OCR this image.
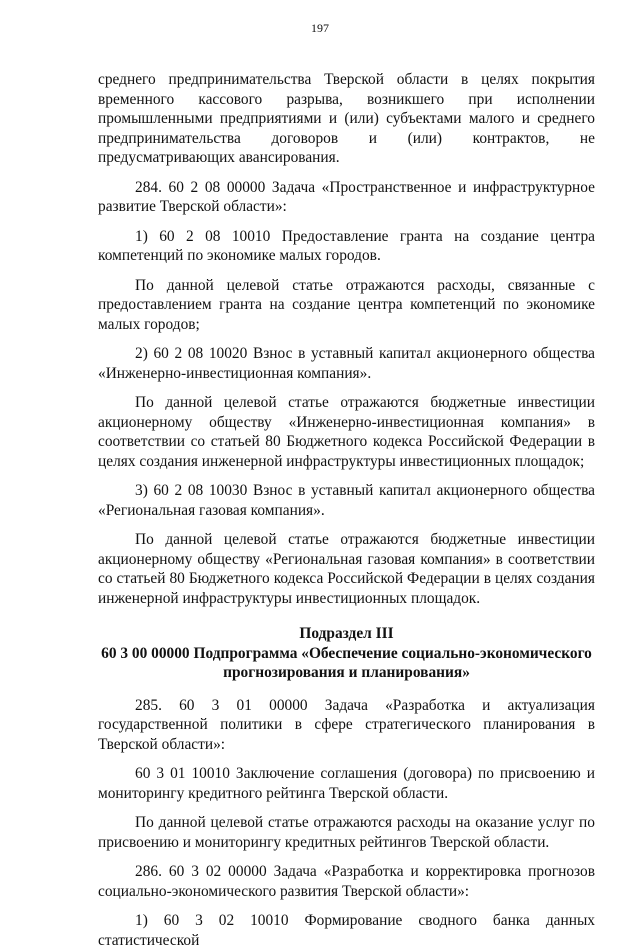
197

среднего предпринимательства Тверской области в целях покрытия временного кассового разрыва, возникшего при исполнении промышленными предприятиями и (или) субъектами малого и среднего предпринимательства договоров и (или) контрактов, не предусматривающих авансирования.

284. 60 2 08 00000 Задача «Пространственное и инфраструктурное развитие Тверской области»:

1) 60 2 08 10010 Предоставление гранта на создание центра компетенций по экономике малых городов.

По данной целевой статье отражаются расходы, связанные с предоставлением гранта на создание центра компетенций по экономике малых городов;

2) 60 2 08 10020 Взнос в уставный капитал акционерного общества «Инженерно-инвестиционная компания».

По данной целевой статье отражаются бюджетные инвестиции акционерному обществу «Инженерно-инвестиционная компания» в соответствии со статьей 80 Бюджетного кодекса Российской Федерации в целях создания инженерной инфраструктуры инвестиционных площадок;

3) 60 2 08 10030 Взнос в уставный капитал акционерного общества «Региональная газовая компания».

По данной целевой статье отражаются бюджетные инвестиции акционерному обществу «Региональная газовая компания» в соответствии со статьей 80 Бюджетного кодекса Российской Федерации в целях создания инженерной инфраструктуры инвестиционных площадок.

Подраздел III

60 3 00 00000 Подпрограмма «Обеспечение социально-экономического прогнозирования и планирования»

285. 60 3 01 00000 Задача «Разработка и актуализация государственной политики в сфере стратегического планирования в Тверской области»:

60 3 01 10010 Заключение соглашения (договора) по присвоению и мониторингу кредитного рейтинга Тверской области.

По данной целевой статье отражаются расходы на оказание услуг по присвоению и мониторингу кредитных рейтингов Тверской области.

286. 60 3 02 00000 Задача «Разработка и корректировка прогнозов социально-экономического развития Тверской области»:

1) 60 3 02 10010 Формирование сводного банка данных статистической
